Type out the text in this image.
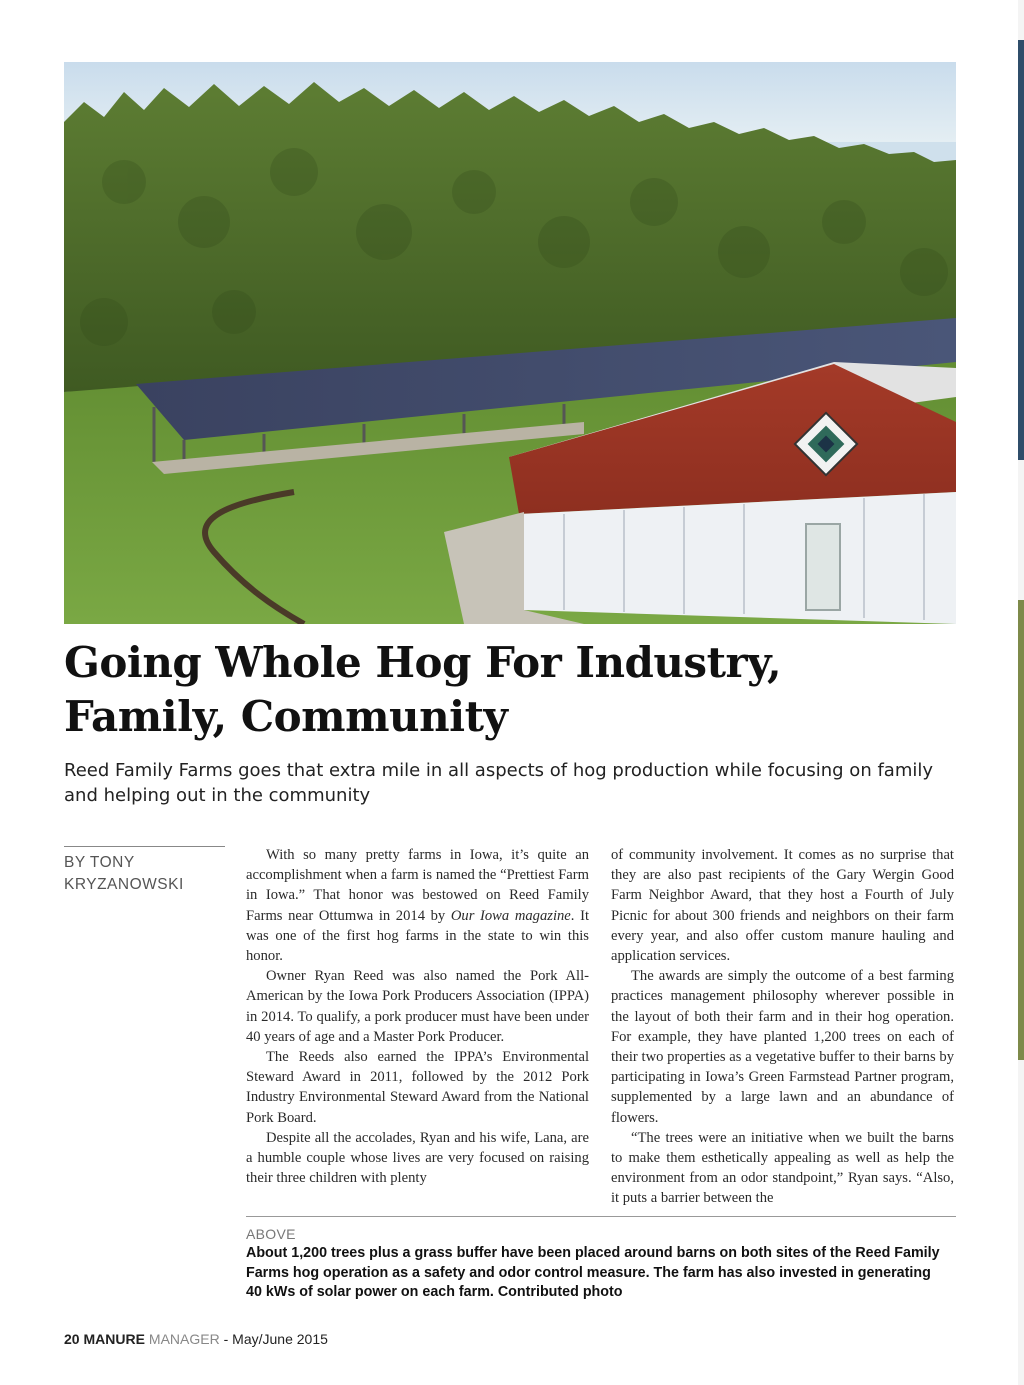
Going Whole Hog For Industry,
Family, Community

Reed Family Farms goes that extra mile in all aspects of hog production while focusing on family and helping out in the community

BY TONY
KRYZANOWSKI

With so many pretty farms in Iowa, it’s quite an accomplishment when a farm is named the “Prettiest Farm in Iowa.” That honor was bestowed on Reed Family Farms near Ottumwa in 2014 by Our Iowa magazine. It was one of the first hog farms in the state to win this honor.

Owner Ryan Reed was also named the Pork All-American by the Iowa Pork Producers Association (IPPA) in 2014. To qualify, a pork producer must have been under 40 years of age and a Master Pork Producer.

The Reeds also earned the IPPA’s Environmental Steward Award in 2011, followed by the 2012 Pork Industry Environmental Steward Award from the National Pork Board.

Despite all the accolades, Ryan and his wife, Lana, are a humble couple whose lives are very focused on raising their three children with plenty

of community involvement. It comes as no surprise that they are also past recipients of the Gary Wergin Good Farm Neighbor Award, that they host a Fourth of July Picnic for about 300 friends and neighbors on their farm every year, and also offer custom manure hauling and application services.

The awards are simply the outcome of a best farming practices management philosophy wherever possible in the layout of both their farm and in their hog operation. For example, they have planted 1,200 trees on each of their two properties as a vegetative buffer to their barns by participating in Iowa’s Green Farmstead Partner program, supplemented by a large lawn and an abundance of flowers.

“The trees were an initiative when we built the barns to make them esthetically appealing as well as help the environment from an odor standpoint,” Ryan says. “Also, it puts a barrier between the

ABOVE
About 1,200 trees plus a grass buffer have been placed around barns on both sites of the Reed Family Farms hog operation as a safety and odor control measure. The farm has also invested in generating 40 kWs of solar power on each farm. Contributed photo
20 MANURE MANAGER - May/June 2015
